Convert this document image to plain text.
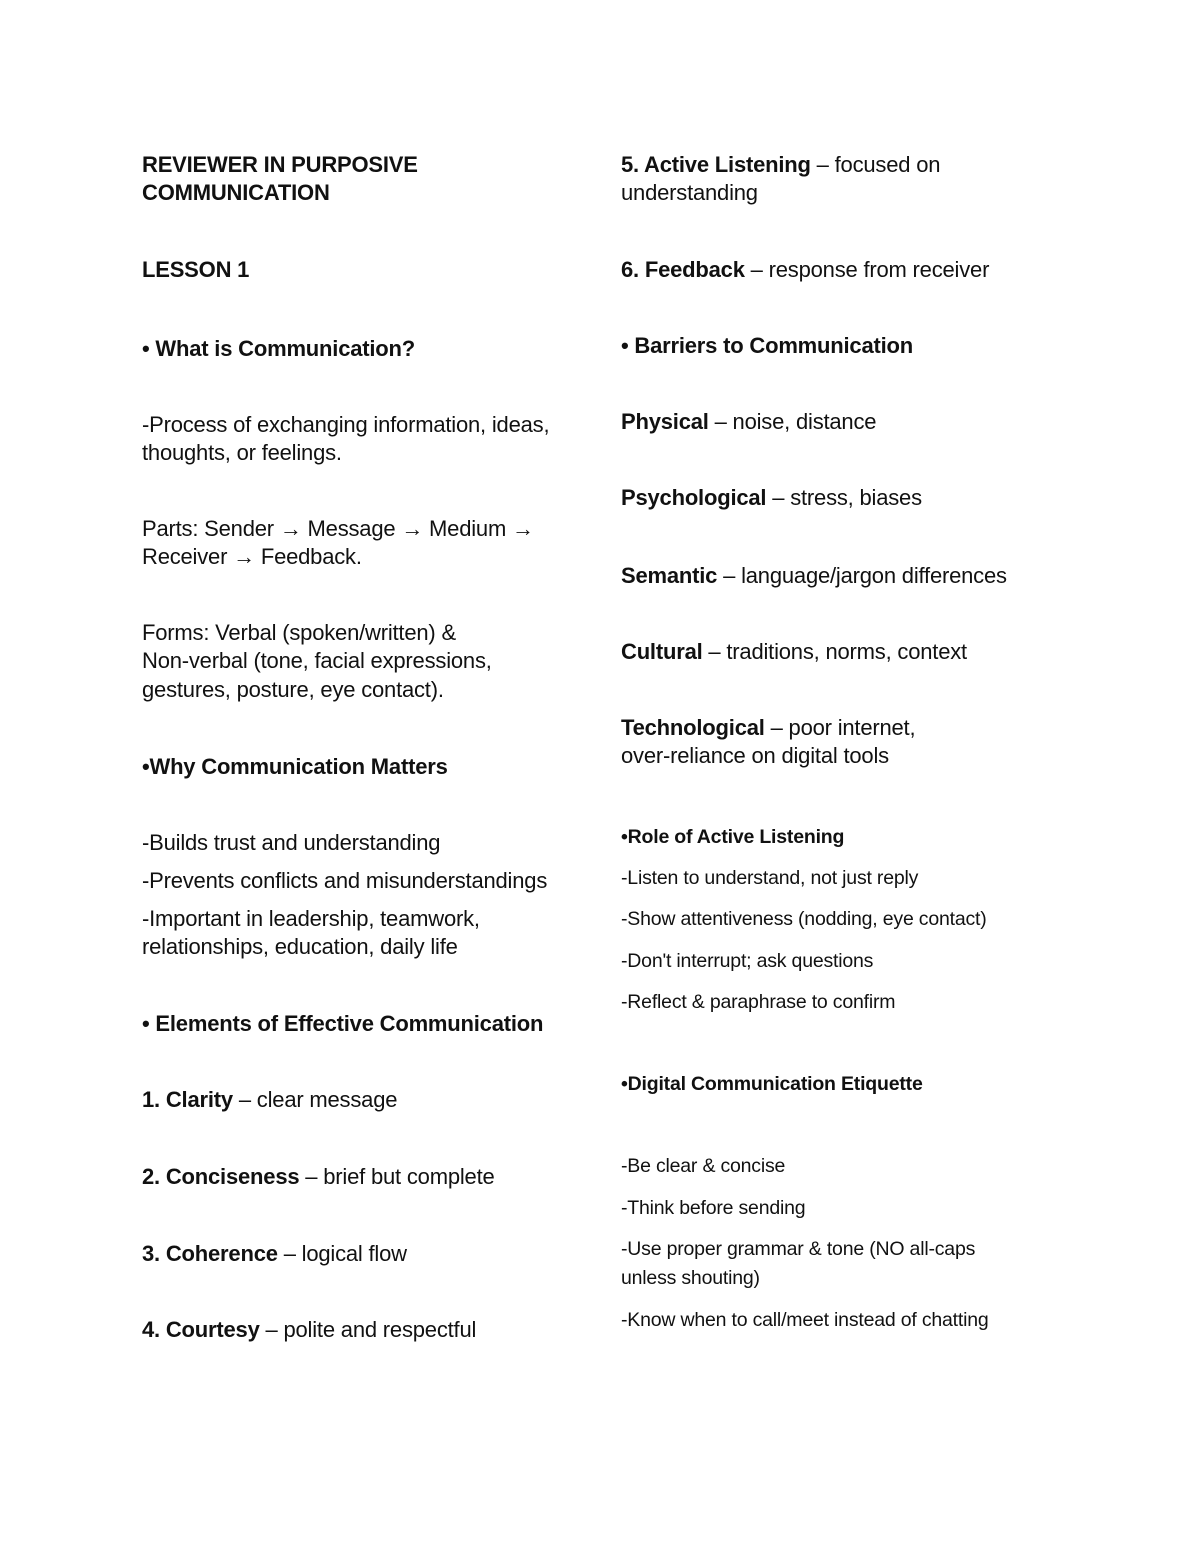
REVIEWER IN PURPOSIVE
COMMUNICATION
LESSON 1
• What is Communication?
-Process of exchanging information, ideas,
thoughts, or feelings.
Parts: Sender → Message → Medium →
Receiver → Feedback.
Forms: Verbal (spoken/written) &
Non-verbal (tone, facial expressions,
gestures, posture, eye contact).
•Why Communication Matters
-Builds trust and understanding
-Prevents conflicts and misunderstandings
-Important in leadership, teamwork,
relationships, education, daily life
• Elements of Effective Communication
1. Clarity – clear message
2. Conciseness – brief but complete
3. Coherence – logical flow
4. Courtesy – polite and respectful
5. Active Listening – focused on
understanding
6. Feedback – response from receiver
• Barriers to Communication
Physical – noise, distance
Psychological – stress, biases
Semantic – language/jargon differences
Cultural – traditions, norms, context
Technological – poor internet,
over-reliance on digital tools
•Role of Active Listening
-Listen to understand, not just reply
-Show attentiveness (nodding, eye contact)
-Don't interrupt; ask questions
-Reflect & paraphrase to confirm
•Digital Communication Etiquette
-Be clear & concise
-Think before sending
-Use proper grammar & tone (NO all-caps
unless shouting)
-Know when to call/meet instead of chatting
